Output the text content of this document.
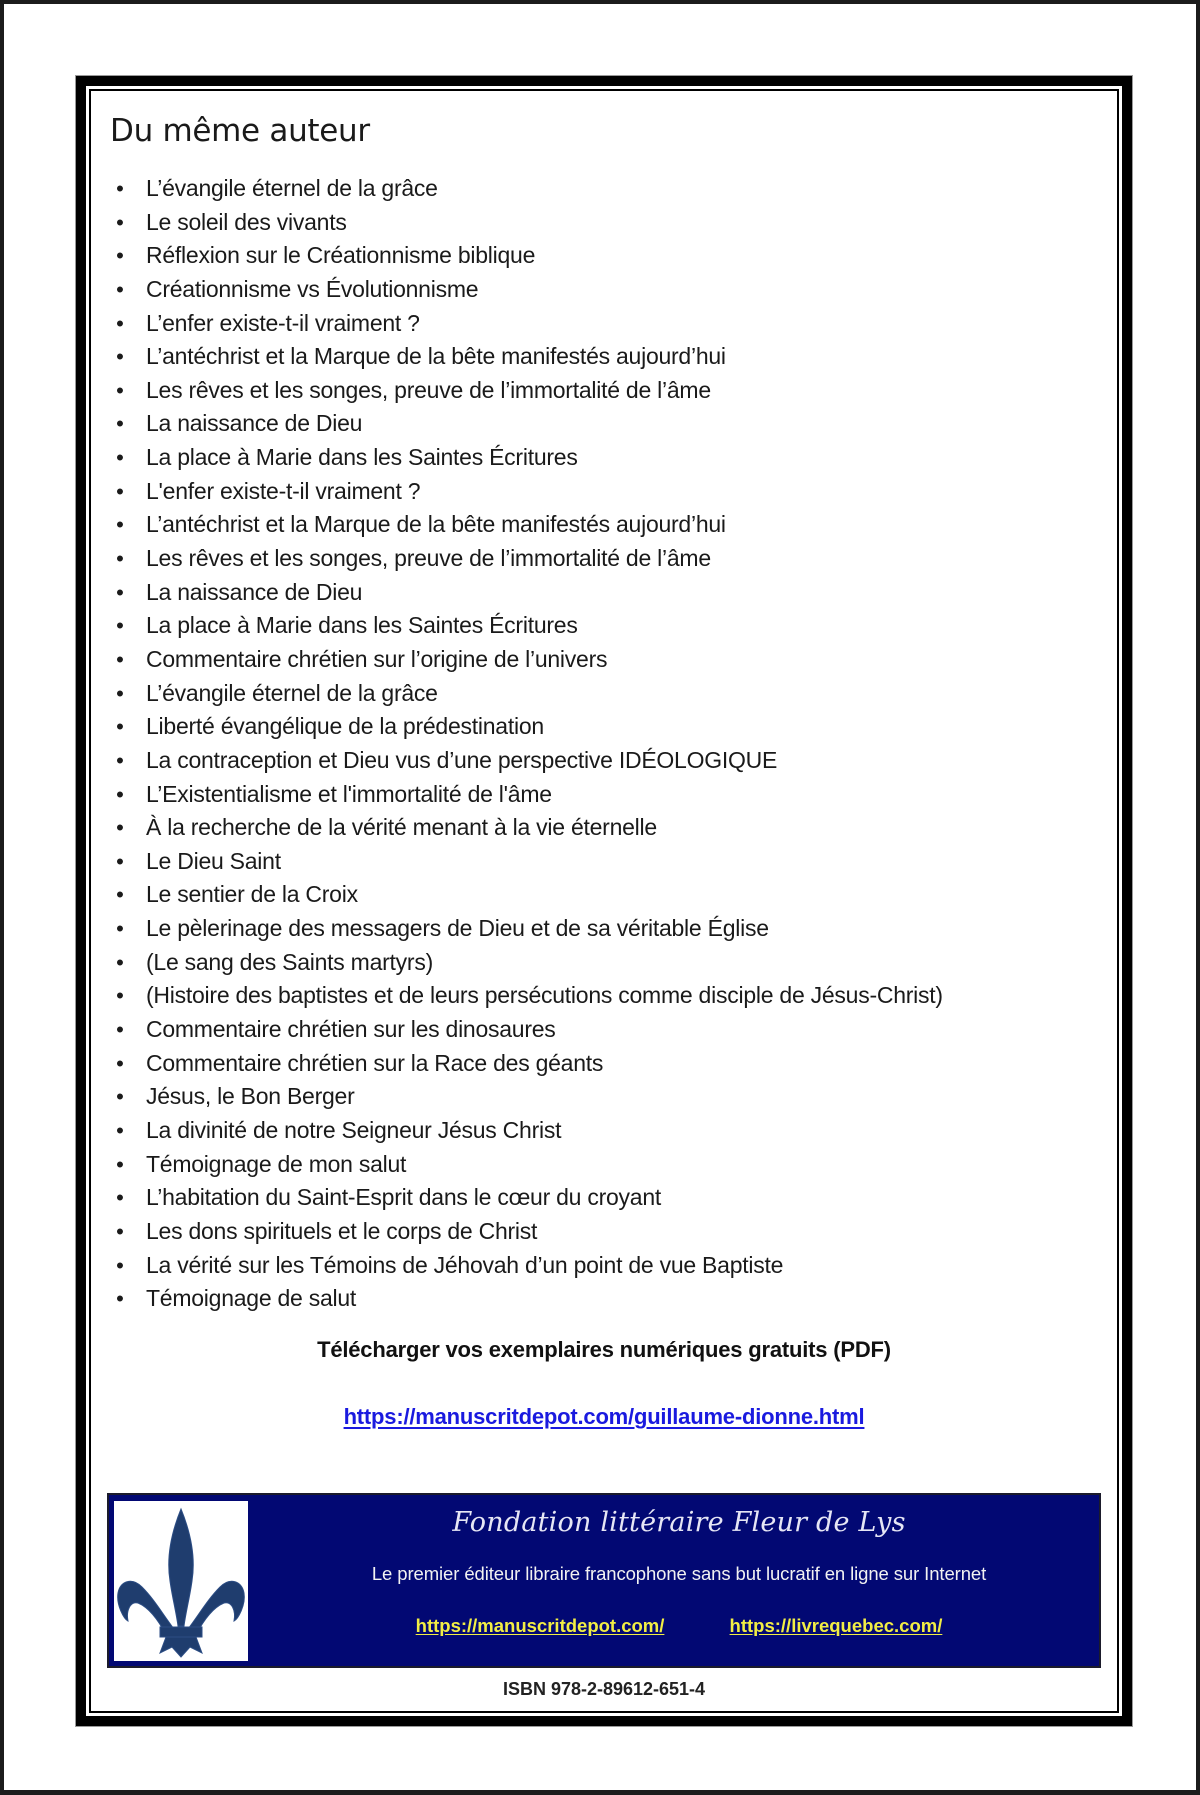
Du même auteur
• L’évangile éternel de la grâce
• Le soleil des vivants
• Réflexion sur le Créationnisme biblique
• Créationnisme vs Évolutionnisme
• L’enfer existe-t-il vraiment ?
• L’antéchrist et la Marque de la bête manifestés aujourd’hui
• Les rêves et les songes, preuve de l’immortalité de l’âme
• La naissance de Dieu
• La place à Marie dans les Saintes Écritures
• L'enfer existe-t-il vraiment ?
• L’antéchrist et la Marque de la bête manifestés aujourd’hui
• Les rêves et les songes, preuve de l’immortalité de l’âme
• La naissance de Dieu
• La place à Marie dans les Saintes Écritures
• Commentaire chrétien sur l’origine de l’univers
• L’évangile éternel de la grâce
• Liberté évangélique de la prédestination
• La contraception et Dieu vus d’une perspective IDÉOLOGIQUE
• L’Existentialisme et l'immortalité de l'âme
• À la recherche de la vérité menant à la vie éternelle
• Le Dieu Saint
• Le sentier de la Croix
• Le pèlerinage des messagers de Dieu et de sa véritable Église
• (Le sang des Saints martyrs)
• (Histoire des baptistes et de leurs persécutions comme disciple de Jésus-Christ)
• Commentaire chrétien sur les dinosaures
• Commentaire chrétien sur la Race des géants
• Jésus, le Bon Berger
• La divinité de notre Seigneur Jésus Christ
• Témoignage de mon salut
• L’habitation du Saint-Esprit dans le cœur du croyant
• Les dons spirituels et le corps de Christ
• La vérité sur les Témoins de Jéhovah d’un point de vue Baptiste
• Témoignage de salut
Télécharger vos exemplaires numériques gratuits (PDF)
https://manuscritdepot.com/guillaume-dionne.html
Fondation littéraire Fleur de Lys
Le premier éditeur libraire francophone sans but lucratif en ligne sur Internet
https://manuscritdepot.com/	https://livrequebec.com/
ISBN 978-2-89612-651-4
